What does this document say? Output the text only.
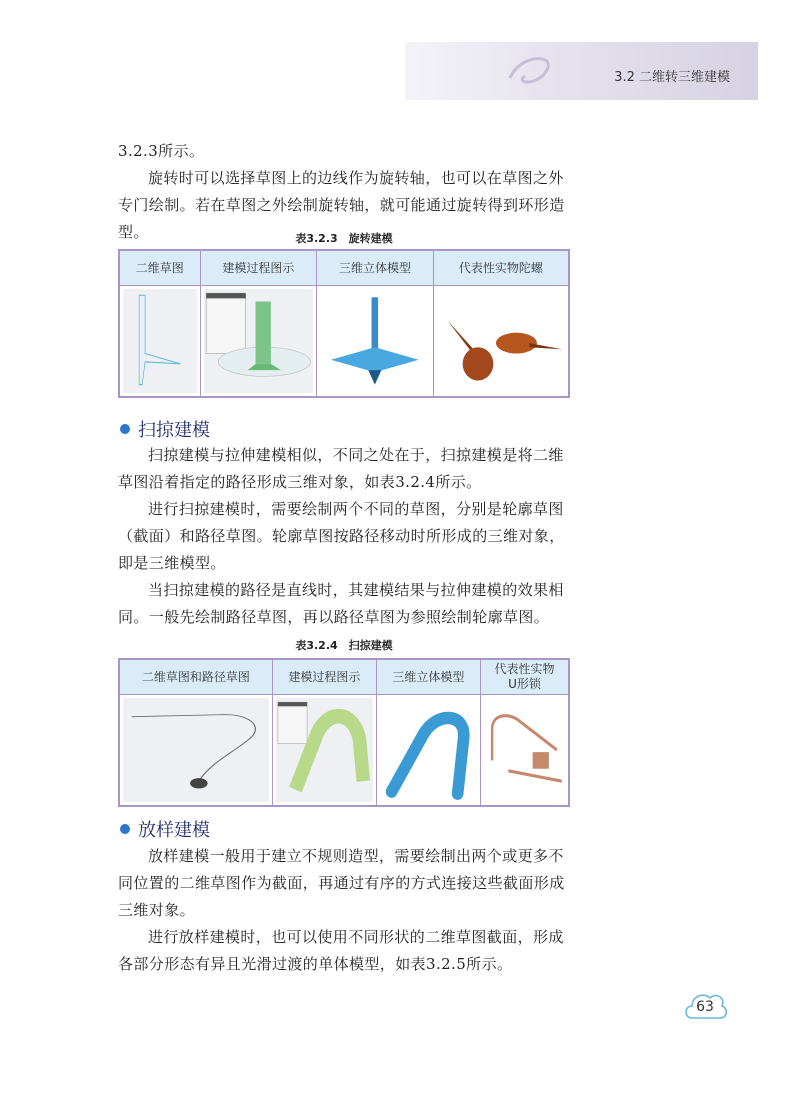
3.2 二维转三维建模

3.2.3所示。

旋转时可以选择草图上的边线作为旋转轴，也可以在草图之外专门绘制。若在草图之外绘制旋转轴，就可能通过旋转得到环形造型。	表3.2.3　旋转建模
二维草图	建模过程图示	三维立体模型	代表性实物陀螺

扫掠建模

扫掠建模与拉伸建模相似，不同之处在于，扫掠建模是将二维草图沿着指定的路径形成三维对象，如表3.2.4所示。

进行扫掠建模时，需要绘制两个不同的草图，分别是轮廓草图（截面）和路径草图。轮廓草图按路径移动时所形成的三维对象，即是三维模型。

当扫掠建模的路径是直线时，其建模结果与拉伸建模的效果相同。一般先绘制路径草图，再以路径草图为参照绘制轮廓草图。

表3.2.4　扫掠建模
二维草图和路径草图	建模过程图示	三维立体模型	代表性实物
U形锁

放样建模

放样建模一般用于建立不规则造型，需要绘制出两个或更多不同位置的二维草图作为截面，再通过有序的方式连接这些截面形成三维对象。

进行放样建模时，也可以使用不同形状的二维草图截面，形成各部分形态有异且光滑过渡的单体模型，如表3.2.5所示。

63
